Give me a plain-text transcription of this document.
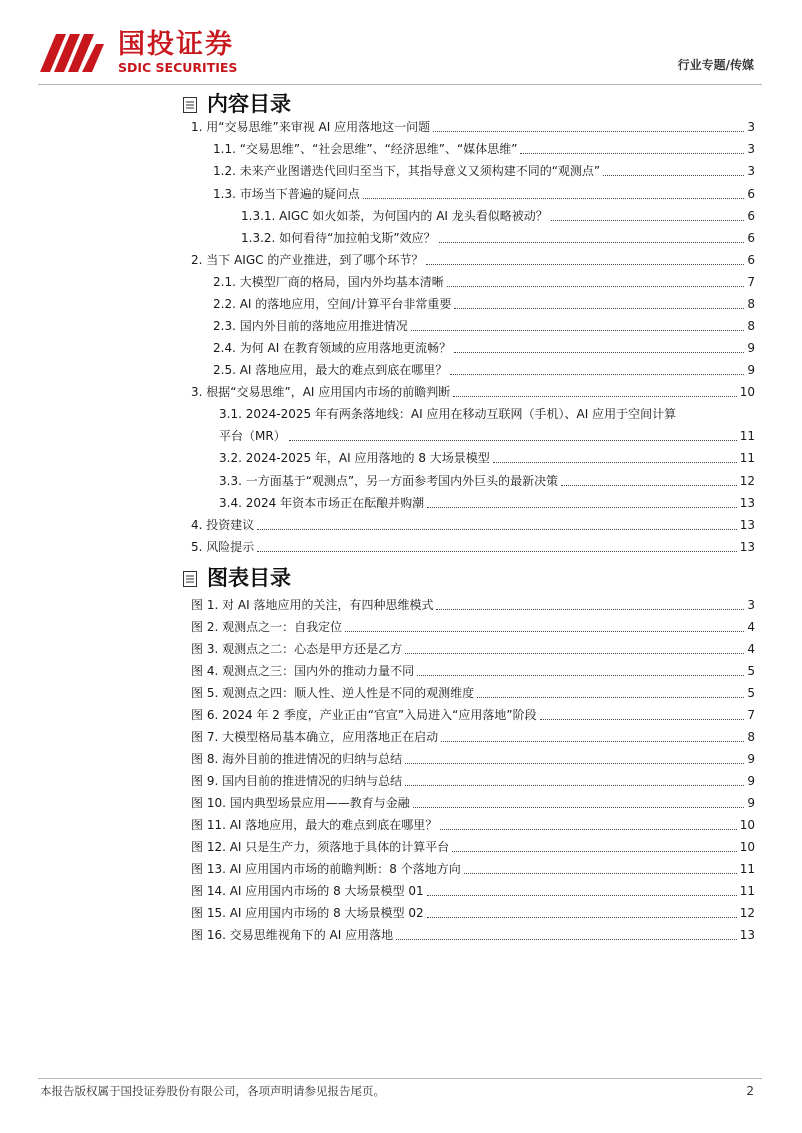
国投证券
SDIC SECURITIES	行业专题/传媒
内容目录
1. 用“交易思维”来审视 AI 应用落地这一问题	3
1.1. “交易思维”、“社会思维”、“经济思维”、“媒体思维”	3
1.2. 未来产业图谱迭代回归至当下，其指导意义又须构建不同的“观测点”	3
1.3. 市场当下普遍的疑问点	6
1.3.1. AIGC 如火如荼，为何国内的 AI 龙头看似略被动？	6
1.3.2. 如何看待“加拉帕戈斯”效应？	6
2. 当下 AIGC 的产业推进，到了哪个环节？	6
2.1. 大模型厂商的格局，国内外均基本清晰	7
2.2. AI 的落地应用，空间/计算平台非常重要	8
2.3. 国内外目前的落地应用推进情况	8
2.4. 为何 AI 在教育领域的应用落地更流畅？	9
2.5. AI 落地应用，最大的难点到底在哪里？	9
3. 根据“交易思维”，AI 应用国内市场的前瞻判断	10
3.1. 2024-2025 年有两条落地线：AI 应用在移动互联网（手机）、AI 应用于空间计算
平台（MR）	11
3.2. 2024-2025 年，AI 应用落地的 8 大场景模型	11
3.3. 一方面基于“观测点”，另一方面参考国内外巨头的最新决策	12
3.4. 2024 年资本市场正在酝酿并购潮	13
4. 投资建议	13
5. 风险提示	13
图表目录
图 1. 对 AI 落地应用的关注，有四种思维模式	3
图 2. 观测点之一：自我定位	4
图 3. 观测点之二：心态是甲方还是乙方	4
图 4. 观测点之三：国内外的推动力量不同	5
图 5. 观测点之四：顺人性、逆人性是不同的观测维度	5
图 6. 2024 年 2 季度，产业正由“官宣”入局进入“应用落地”阶段	7
图 7. 大模型格局基本确立，应用落地正在启动	8
图 8. 海外目前的推进情况的归纳与总结	9
图 9. 国内目前的推进情况的归纳与总结	9
图 10. 国内典型场景应用——教育与金融	9
图 11. AI 落地应用，最大的难点到底在哪里？	10
图 12. AI 只是生产力，须落地于具体的计算平台	10
图 13. AI 应用国内市场的前瞻判断：8 个落地方向	11
图 14. AI 应用国内市场的 8 大场景模型 01	11
图 15. AI 应用国内市场的 8 大场景模型 02	12
图 16. 交易思维视角下的 AI 应用落地	13
本报告版权属于国投证券股份有限公司，各项声明请参见报告尾页。	2
